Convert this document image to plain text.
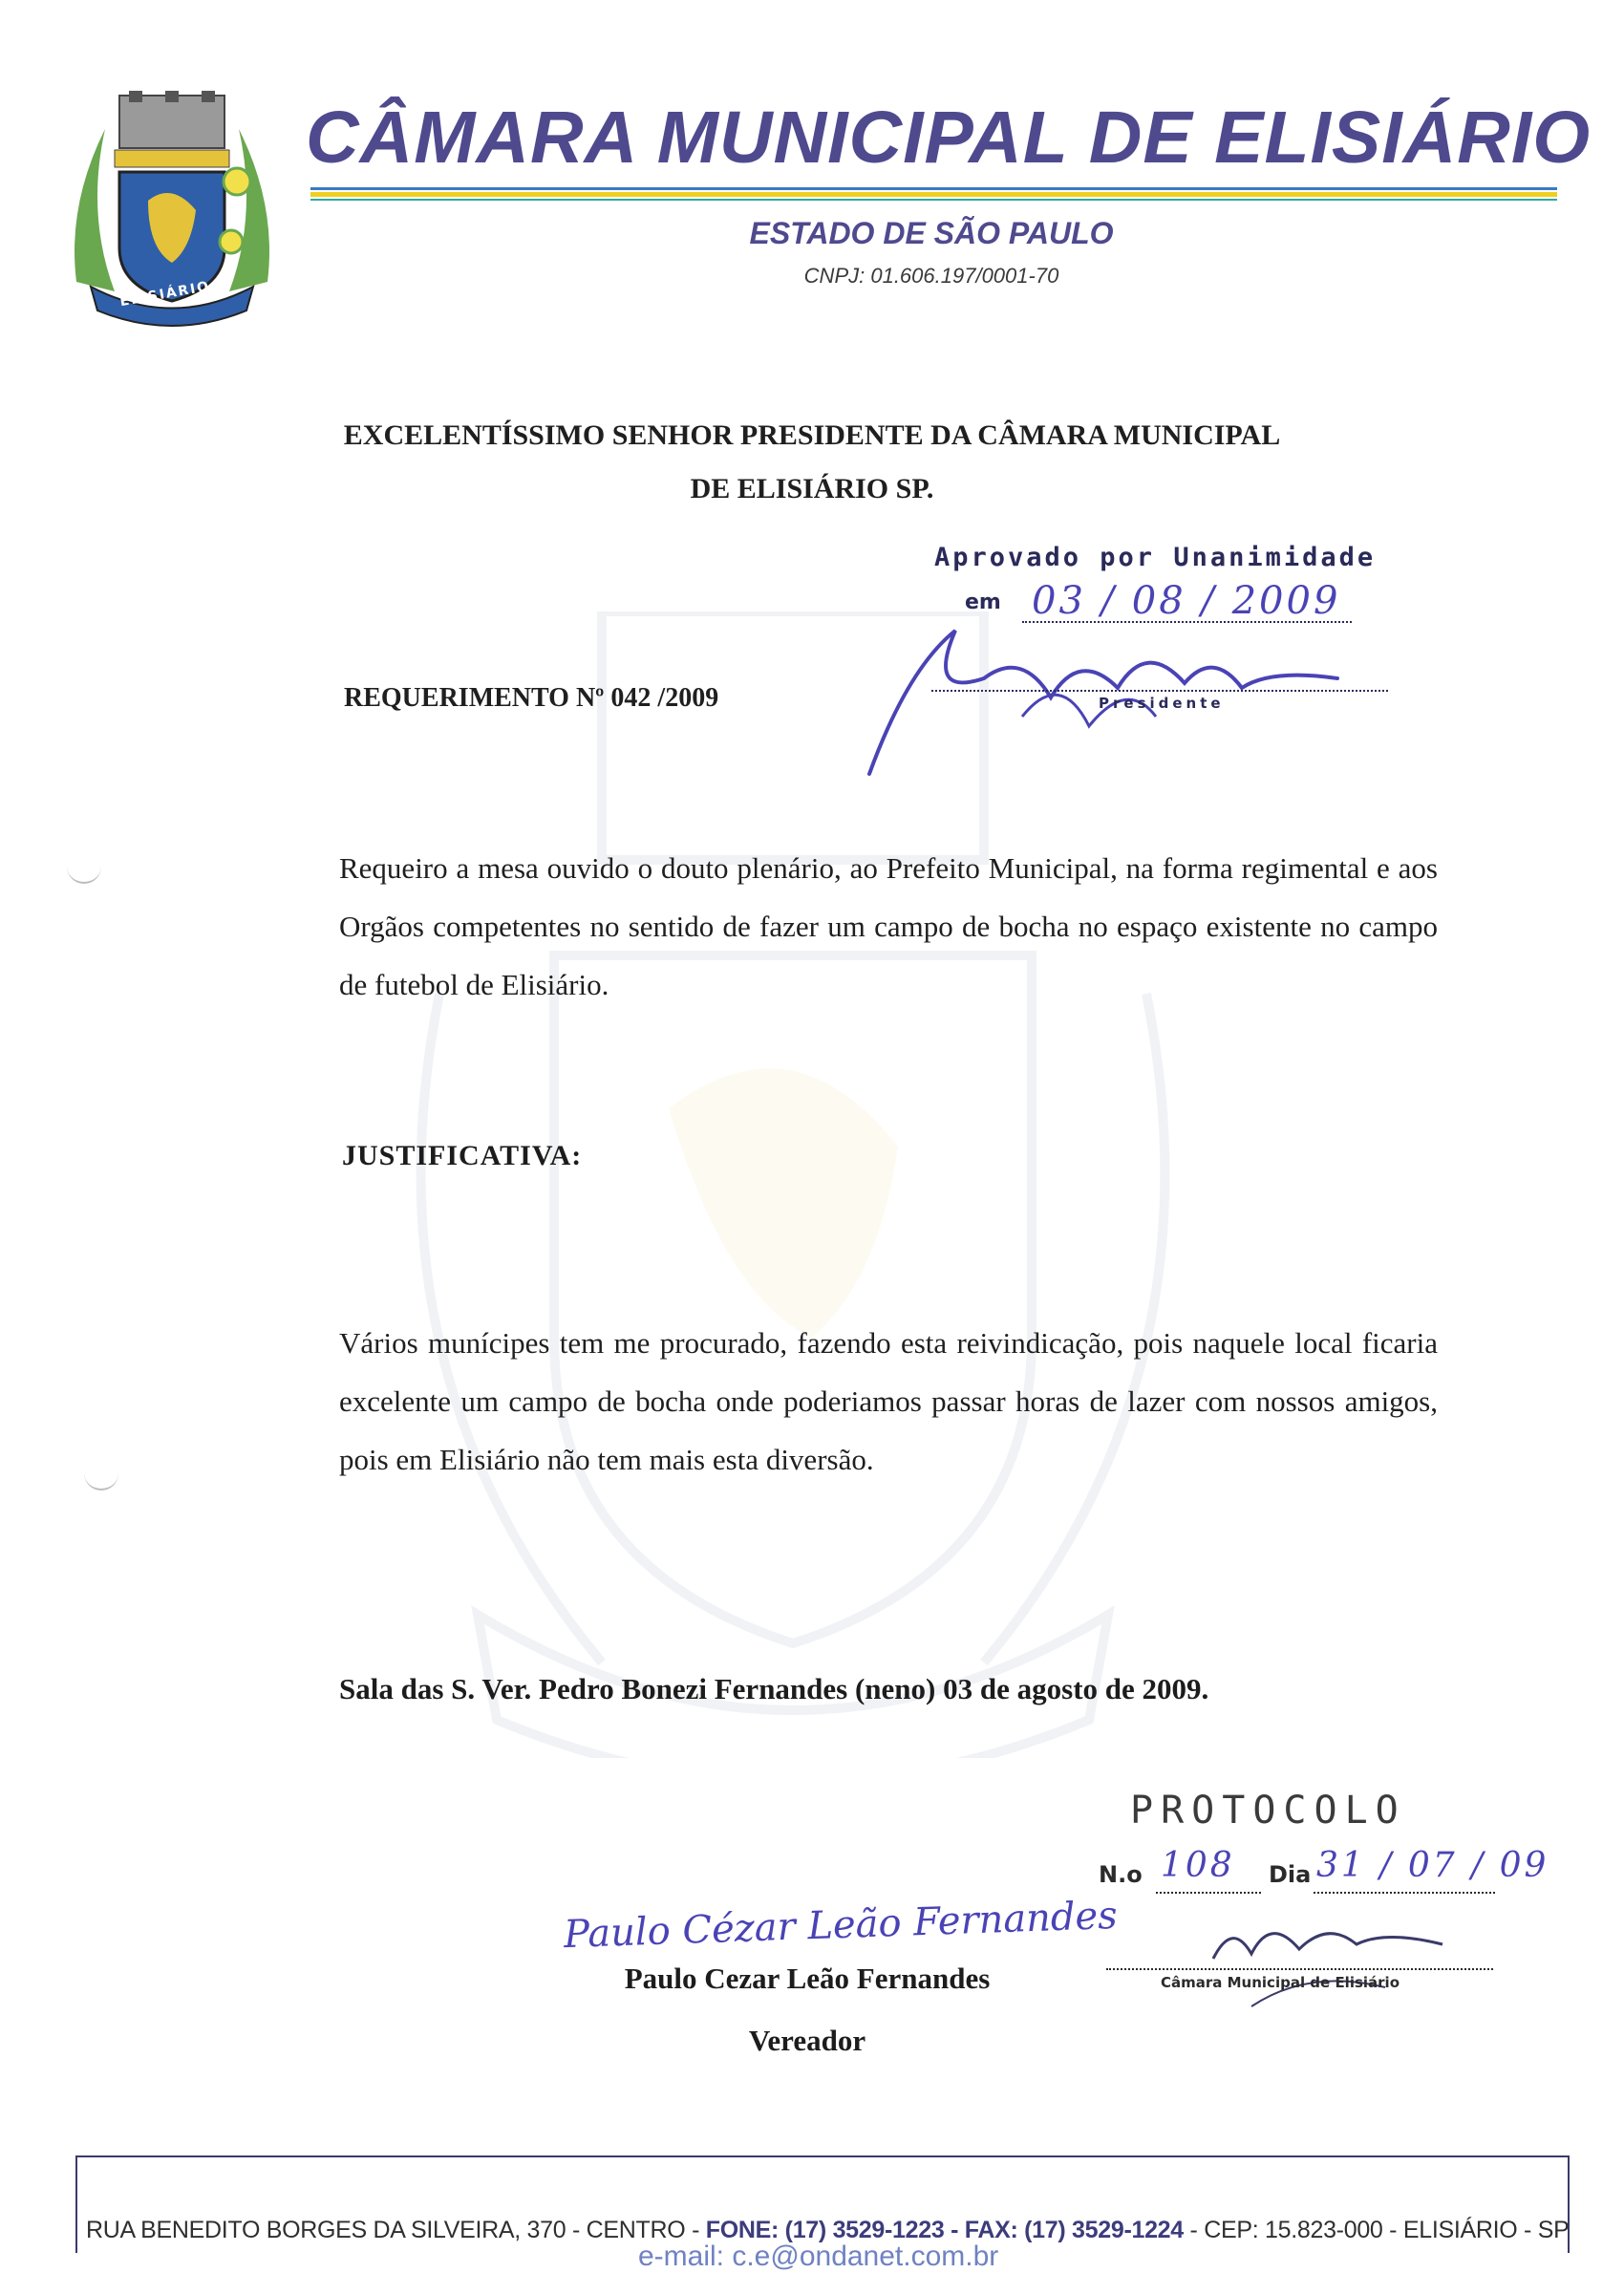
ELISIÁRIO
CÂMARA MUNICIPAL DE ELISIÁRIO
ESTADO DE SÃO PAULO
CNPJ: 01.606.197/0001-70
EXCELENTÍSSIMO SENHOR PRESIDENTE DA CÂMARA MUNICIPAL
DE ELISIÁRIO SP.
Aprovado por Unanimidade
em 03 / 08 / 2009
Presidente
REQUERIMENTO Nº 042 /2009
Requeiro a mesa ouvido o douto plenário, ao Prefeito Municipal, na forma regimental e aos Orgãos competentes no sentido de fazer um campo de bocha no espaço existente no campo de futebol de Elisiário.
JUSTIFICATIVA:
Vários munícipes tem me procurado, fazendo esta reivindicação, pois naquele local ficaria excelente um campo de bocha onde poderiamos passar horas de lazer com nossos amigos, pois em Elisiário não tem mais esta diversão.
Sala das S. Ver. Pedro Bonezi Fernandes (neno) 03 de agosto de 2009.
PROTOCOLO
N.o 108 Dia 31 / 07 / 09
Câmara Municipal de Elisiário
Paulo Cézar Leão Fernandes
Paulo Cezar Leão Fernandes
Vereador
RUA BENEDITO BORGES DA SILVEIRA, 370 - CENTRO - FONE: (17) 3529-1223 - FAX: (17) 3529-1224 - CEP: 15.823-000 - ELISIÁRIO - SP
e-mail: c.e@ondanet.com.br
